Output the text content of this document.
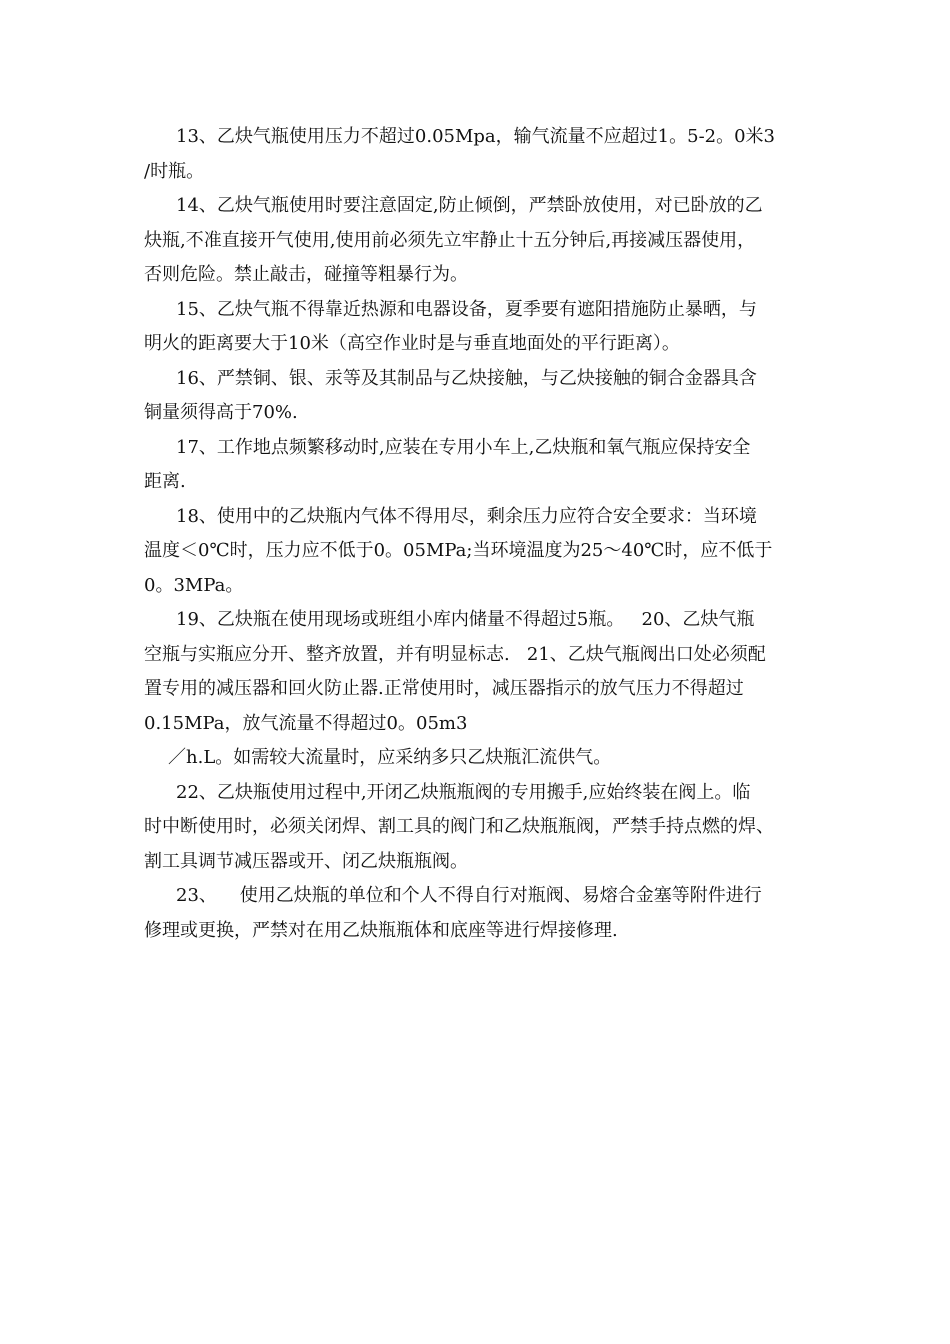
13、乙炔气瓶使用压力不超过0.05Mpa，输气流量不应超过1。5-2。0米3
/时瓶。
14、乙炔气瓶使用时要注意固定,防止倾倒，严禁卧放使用，对已卧放的乙
炔瓶,不准直接开气使用,使用前必须先立牢静止十五分钟后,再接减压器使用，
否则危险。禁止敲击，碰撞等粗暴行为。
15、乙炔气瓶不得靠近热源和电器设备，夏季要有遮阳措施防止暴晒，与
明火的距离要大于10米（高空作业时是与垂直地面处的平行距离）。
16、严禁铜、银、汞等及其制品与乙炔接触，与乙炔接触的铜合金器具含
铜量须得高于70%.
17、工作地点频繁移动时,应装在专用小车上,乙炔瓶和氧气瓶应保持安全
距离.
18、使用中的乙炔瓶内气体不得用尽，剩余压力应符合安全要求：当环境
温度＜0℃时，压力应不低于0。05MPa;当环境温度为25～40℃时，应不低于
0。3MPa。
19、乙炔瓶在使用现场或班组小库内储量不得超过5瓶。   20、乙炔气瓶
空瓶与实瓶应分开、整齐放置，并有明显标志.   21、乙炔气瓶阀出口处必须配
置专用的减压器和回火防止器.正常使用时，减压器指示的放气压力不得超过
0.15MPa，放气流量不得超过0。05m3
／h.L。如需较大流量时，应采纳多只乙炔瓶汇流供气。
22、乙炔瓶使用过程中,开闭乙炔瓶瓶阀的专用搬手,应始终装在阀上。临
时中断使用时，必须关闭焊、割工具的阀门和乙炔瓶瓶阀，严禁手持点燃的焊、
割工具调节减压器或开、闭乙炔瓶瓶阀。
23、    使用乙炔瓶的单位和个人不得自行对瓶阀、易熔合金塞等附件进行
修理或更换，严禁对在用乙炔瓶瓶体和底座等进行焊接修理.
